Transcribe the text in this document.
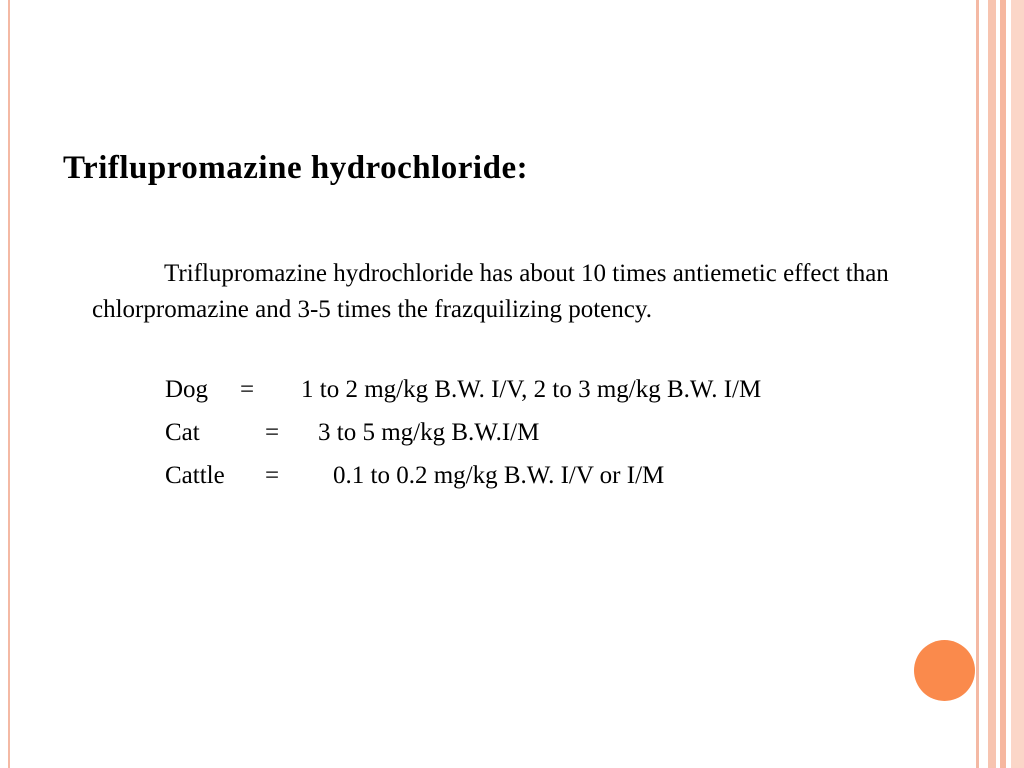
Triflupromazine hydrochloride:
Triflupromazine hydrochloride has about 10 times antiemetic effect than chlorpromazine and 3-5 times the frazquilizing potency.
Dog = 1 to 2 mg/kg B.W. I/V, 2 to 3 mg/kg B.W. I/M
Cat	= 3 to 5 mg/kg B.W.I/M
Cattle = 0.1 to 0.2 mg/kg B.W. I/V or I/M
